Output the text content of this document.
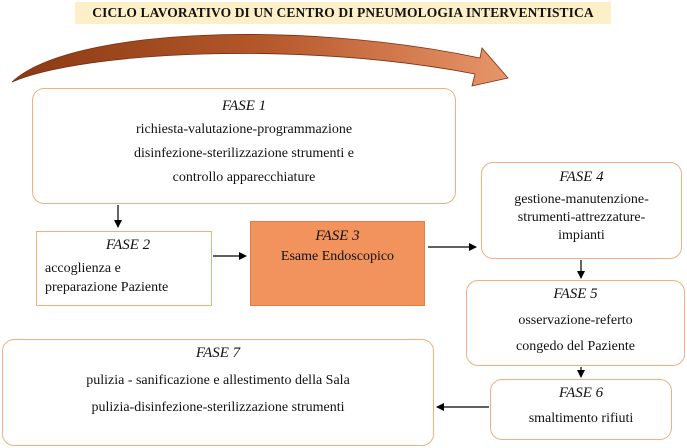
CICLO LAVORATIVO DI UN CENTRO DI PNEUMOLOGIA INTERVENTISTICA
FASE 1
richiesta-valutazione-programmazione
disinfezione-sterilizzazione strumenti e
controllo apparecchiature
FASE 2
accoglienza e
preparazione Paziente
FASE 3
Esame Endoscopico
FASE 4
gestione-manutenzione-
strumenti-attrezzature-
impianti
FASE 5
osservazione-referto
congedo del Paziente
FASE 6
smaltimento rifiuti
FASE 7
pulizia - sanificazione e allestimento della Sala
pulizia-disinfezione-sterilizzazione strumenti
